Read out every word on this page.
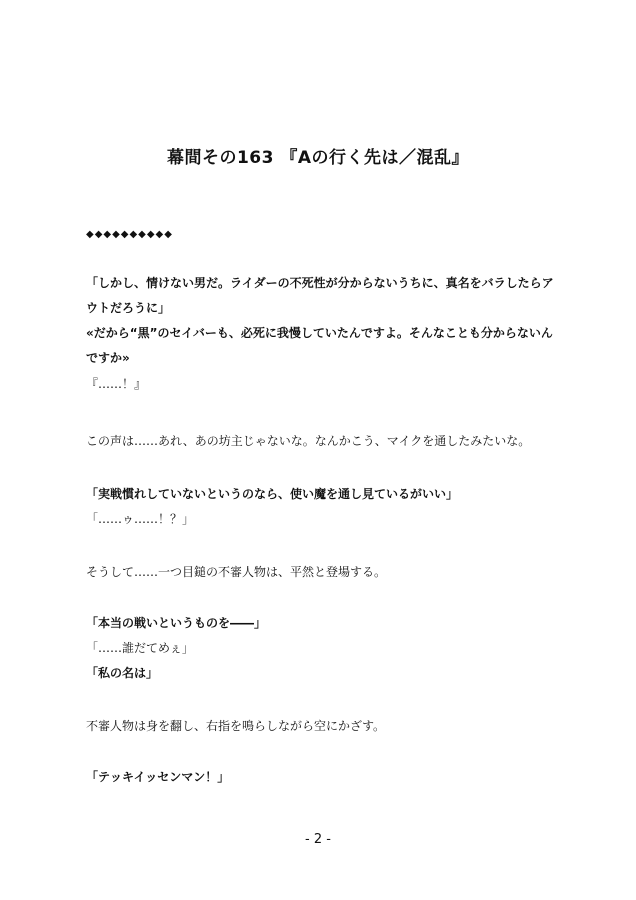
幕間その163 『Aの行く先は／混乱』
◆◆◆◆◆◆◆◆◆◆
「しかし、情けない男だ。ライダーの不死性が分からないうちに、真名をバラしたらア
ウトだろうに」
«だから“黒”のセイバーも、必死に我慢していたんですよ。そんなことも分からないん
ですか»
『……！』
この声は……あれ、あの坊主じゃないな。なんかこう、マイクを通したみたいな。
「実戦慣れしていないというのなら、使い魔を通し見ているがいい」
「……ゥ……！？」
そうして……一つ目鎚の不審人物は、平然と登場する。
「本当の戦いというものを――」
「……誰だてめぇ」
「私の名は」
不審人物は身を翻し、右指を鳴らしながら空にかざす。
「テッキイッセンマン！」
- 2 -
